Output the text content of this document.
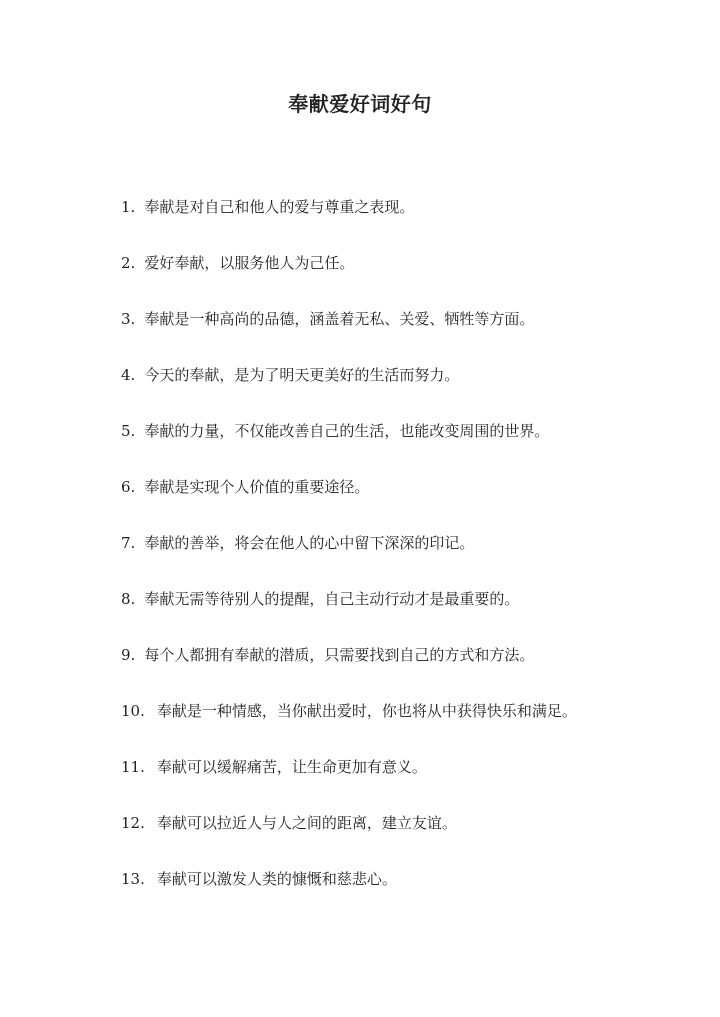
奉献爱好词好句
1. 奉献是对自己和他人的爱与尊重之表现。
2. 爱好奉献，以服务他人为己任。
3. 奉献是一种高尚的品德，涵盖着无私、关爱、牺牲等方面。
4. 今天的奉献，是为了明天更美好的生活而努力。
5. 奉献的力量，不仅能改善自己的生活，也能改变周围的世界。
6. 奉献是实现个人价值的重要途径。
7. 奉献的善举，将会在他人的心中留下深深的印记。
8. 奉献无需等待别人的提醒，自己主动行动才是最重要的。
9. 每个人都拥有奉献的潜质，只需要找到自己的方式和方法。
10. 奉献是一种情感，当你献出爱时，你也将从中获得快乐和满足。
11. 奉献可以缓解痛苦，让生命更加有意义。
12. 奉献可以拉近人与人之间的距离，建立友谊。
13. 奉献可以激发人类的慷慨和慈悲心。
